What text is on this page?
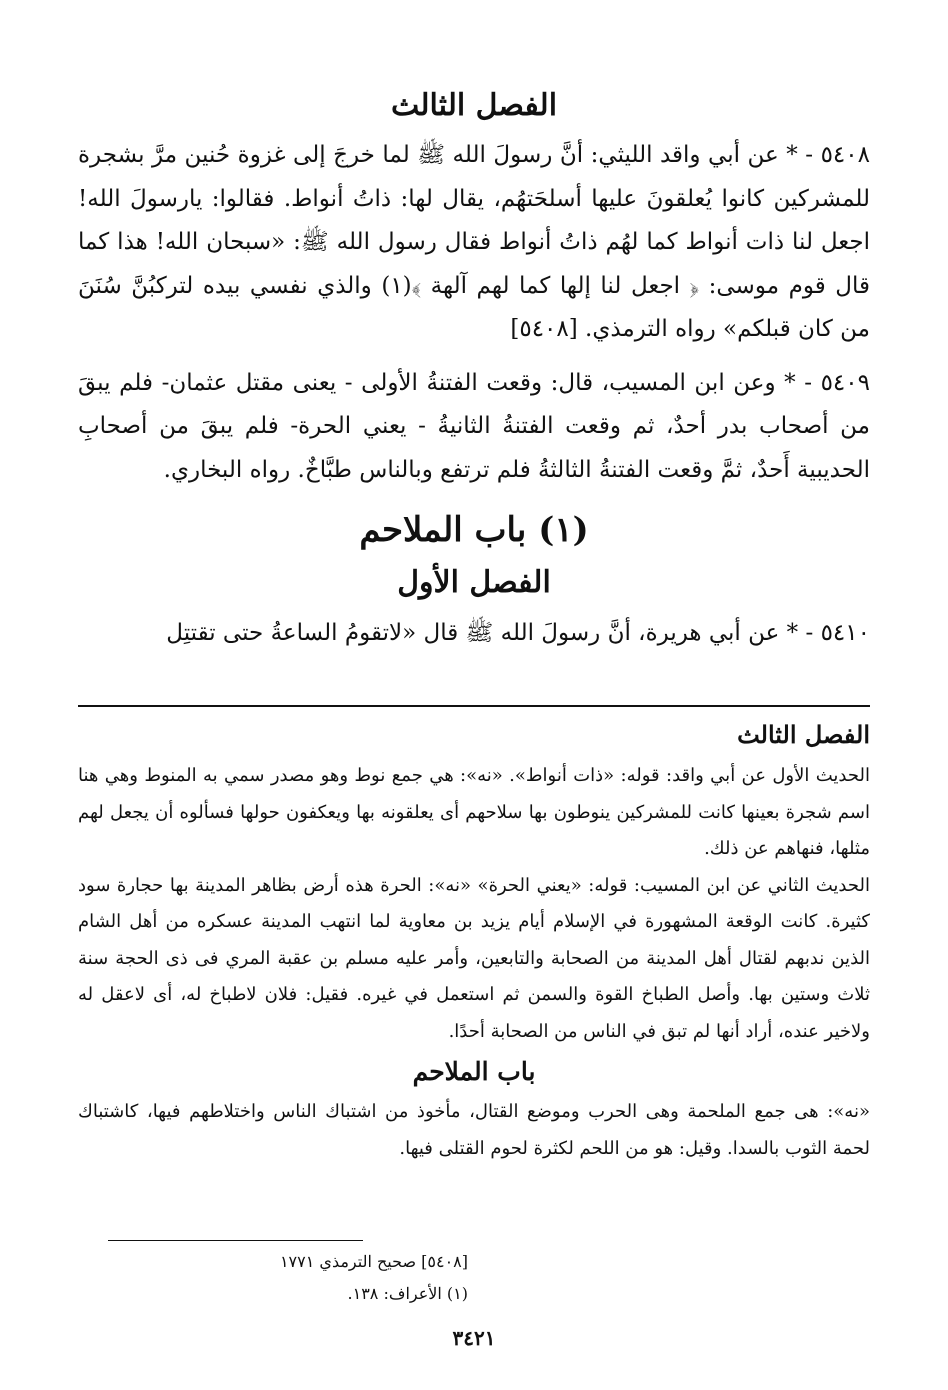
الفصل الثالث

٥٤٠٨ - * عن أبي واقد الليثي: أنَّ رسولَ الله ﷺ لما خرجَ إلى غزوة حُنين مرَّ بشجرة للمشركين كانوا يُعلقونَ عليها أسلحَتهُم، يقال لها: ذاتُ أنواط. فقالوا: يارسولَ الله! اجعل لنا ذات أنواط كما لهُم ذاتُ أنواط فقال رسول الله ﷺ: «سبحان الله! هذا كما قال قوم موسى: ﴿ اجعل لنا إلها كما لهم آلهة ﴾(١) والذي نفسي بيده لتركبُنَّ سُنَنَ من كان قبلكم» رواه الترمذي. [٥٤٠٨]

٥٤٠٩ - * وعن ابن المسيب، قال: وقعت الفتنةُ الأولى - يعنى مقتل عثمان- فلم يبقَ من أصحاب بدر أحدٌ، ثم وقعت الفتنةُ الثانيةُ - يعني الحرة- فلم يبقَ من أصحابِ الحديبية أَحدٌ، ثمَّ وقعت الفتنةُ الثالثةُ فلم ترتفع وبالناس طبَّاخٌ. رواه البخاري.

(١) باب الملاحم
الفصل الأول

٥٤١٠ - * عن أبي هريرة، أنَّ رسولَ الله ﷺ قال «لاتقومُ الساعةُ حتى تقتتِل

الفصل الثالث

الحديث الأول عن أبي واقد: قوله: «ذات أنواط». «نه»: هي جمع نوط وهو مصدر سمي به المنوط وهي هنا اسم شجرة بعينها كانت للمشركين ينوطون بها سلاحهم أى يعلقونه بها ويعكفون حولها فسألوه أن يجعل لهم مثلها، فنهاهم عن ذلك.

الحديث الثاني عن ابن المسيب: قوله: «يعني الحرة» «نه»: الحرة هذه أرض بظاهر المدينة بها حجارة سود كثيرة. كانت الوقعة المشهورة في الإسلام أيام يزيد بن معاوية لما انتهب المدينة عسكره من أهل الشام الذين ندبهم لقتال أهل المدينة من الصحابة والتابعين، وأمر عليه مسلم بن عقبة المري فى ذى الحجة سنة ثلاث وستين بها. وأصل الطباخ القوة والسمن ثم استعمل في غيره. فقيل: فلان لاطباخ له، أى لاعقل له ولاخير عنده، أراد أنها لم تبق في الناس من الصحابة أحدًا.

باب الملاحم

«نه»: هى جمع الملحمة وهى الحرب وموضع القتال، مأخوذ من اشتباك الناس واختلاطهم فيها، كاشتباك لحمة الثوب بالسدا. وقيل: هو من اللحم لكثرة لحوم القتلى فيها.

[٥٤٠٨] صحيح الترمذي ١٧٧١

(١) الأعراف: ١٣٨.

٣٤٢١
